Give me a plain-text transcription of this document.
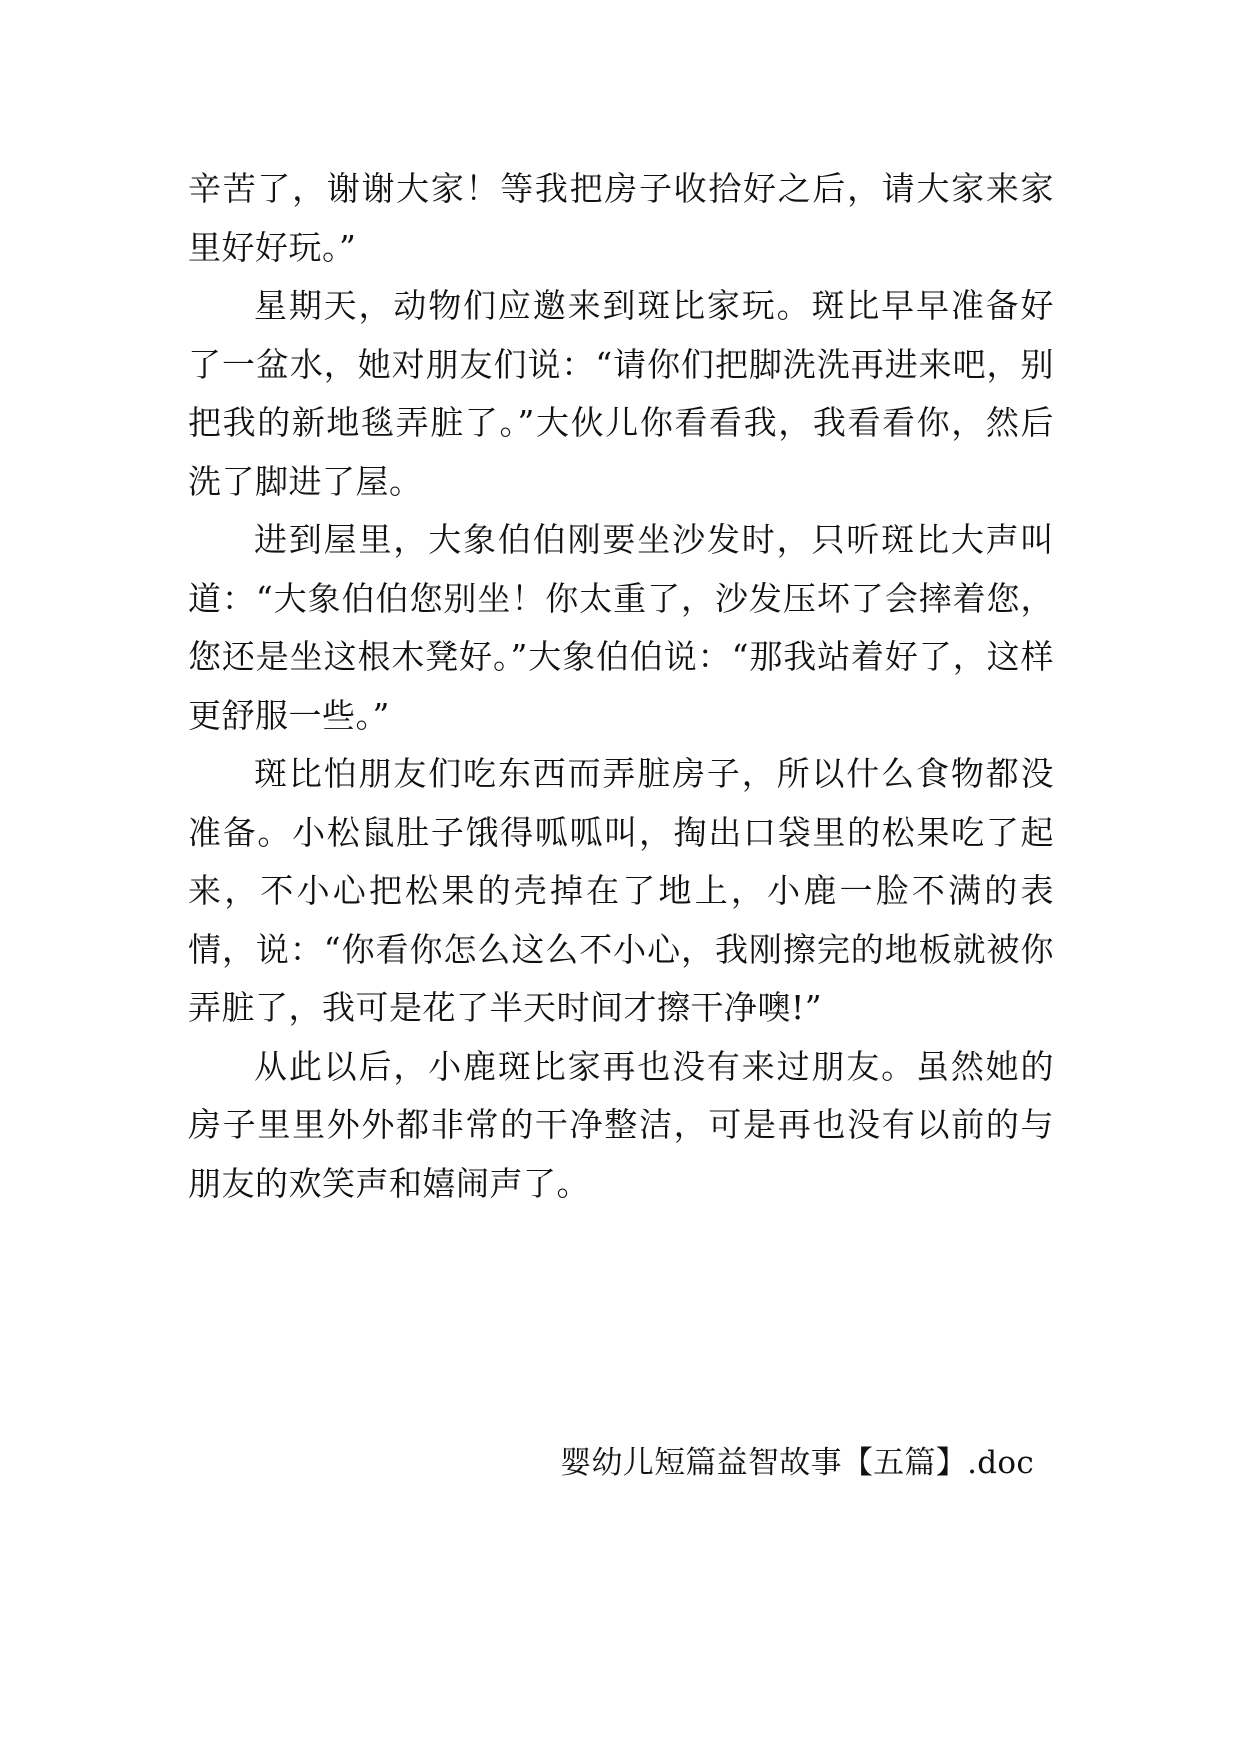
辛苦了，谢谢大家！等我把房子收拾好之后，请大家来家里好好玩。”

星期天，动物们应邀来到斑比家玩。斑比早早准备好了一盆水，她对朋友们说：“请你们把脚洗洗再进来吧，别把我的新地毯弄脏了。”大伙儿你看看我，我看看你，然后洗了脚进了屋。

进到屋里，大象伯伯刚要坐沙发时，只听斑比大声叫道：“大象伯伯您别坐！你太重了，沙发压坏了会摔着您，您还是坐这根木凳好。”大象伯伯说：“那我站着好了，这样更舒服一些。”

斑比怕朋友们吃东西而弄脏房子，所以什么食物都没准备。小松鼠肚子饿得呱呱叫，掏出口袋里的松果吃了起来，不小心把松果的壳掉在了地上，小鹿一脸不满的表情，说：“你看你怎么这么不小心，我刚擦完的地板就被你弄脏了，我可是花了半天时间才擦干净噢!”

从此以后，小鹿斑比家再也没有来过朋友。虽然她的房子里里外外都非常的干净整洁，可是再也没有以前的与朋友的欢笑声和嬉闹声了。

婴幼儿短篇益智故事【五篇】.doc
